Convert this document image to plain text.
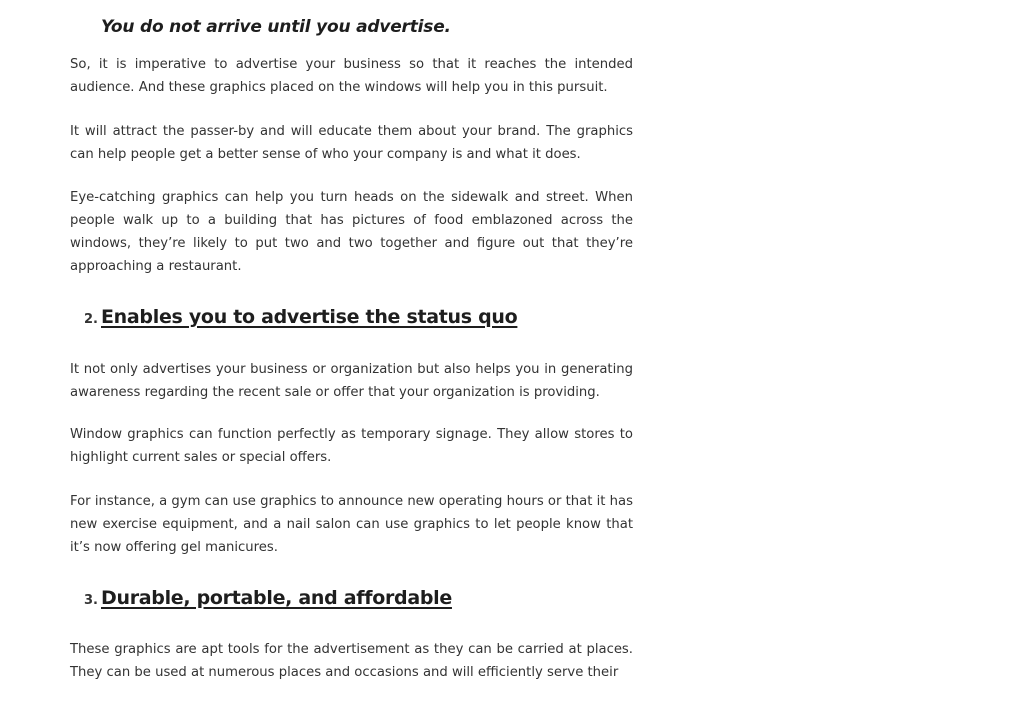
You do not arrive until you advertise.

So, it is imperative to advertise your business so that it reaches the intended audience. And these graphics placed on the windows will help you in this pursuit.

It will attract the passer-by and will educate them about your brand. The graphics can help people get a better sense of who your company is and what it does.

Eye-catching graphics can help you turn heads on the sidewalk and street. When people walk up to a building that has pictures of food emblazoned across the windows, they’re likely to put two and two together and figure out that they’re approaching a restaurant.

2. Enables you to advertise the status quo

It not only advertises your business or organization but also helps you in generating awareness regarding the recent sale or offer that your organization is providing.

Window graphics can function perfectly as temporary signage. They allow stores to highlight current sales or special offers.

For instance, a gym can use graphics to announce new operating hours or that it has new exercise equipment, and a nail salon can use graphics to let people know that it’s now offering gel manicures.

3. Durable, portable, and affordable

These graphics are apt tools for the advertisement as they can be carried at places. They can be used at numerous places and occasions and will efficiently serve their
